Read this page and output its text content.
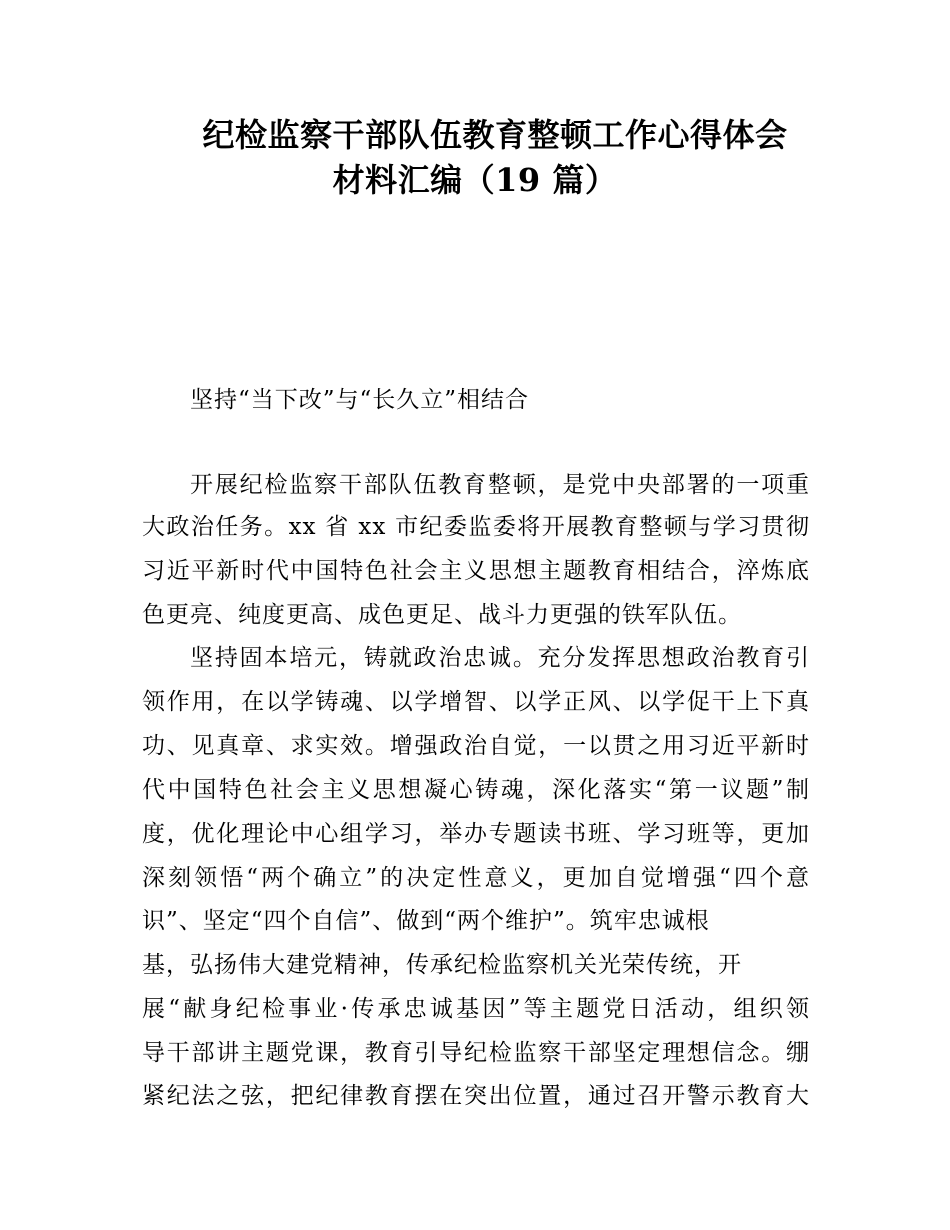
纪检监察干部队伍教育整顿工作心得体会
材料汇编（19 篇）
坚持“当下改”与“长久立”相结合
开展纪检监察干部队伍教育整顿，是党中央部署的一项重
大政治任务。xx 省 xx 市纪委监委将开展教育整顿与学习贯彻
习近平新时代中国特色社会主义思想主题教育相结合，淬炼底
色更亮、纯度更高、成色更足、战斗力更强的铁军队伍。
坚持固本培元，铸就政治忠诚。充分发挥思想政治教育引
领作用，在以学铸魂、以学增智、以学正风、以学促干上下真
功、见真章、求实效。增强政治自觉，一以贯之用习近平新时
代中国特色社会主义思想凝心铸魂，深化落实“第一议题”制
度，优化理论中心组学习，举办专题读书班、学习班等，更加
深刻领悟“两个确立”的决定性意义，更加自觉增强“四个意
识”、坚定“四个自信”、做到“两个维护”。筑牢忠诚根
基，弘扬伟大建党精神，传承纪检监察机关光荣传统，开
展“献身纪检事业·传承忠诚基因”等主题党日活动，组织领
导干部讲主题党课，教育引导纪检监察干部坚定理想信念。绷
紧纪法之弦，把纪律教育摆在突出位置，通过召开警示教育大
